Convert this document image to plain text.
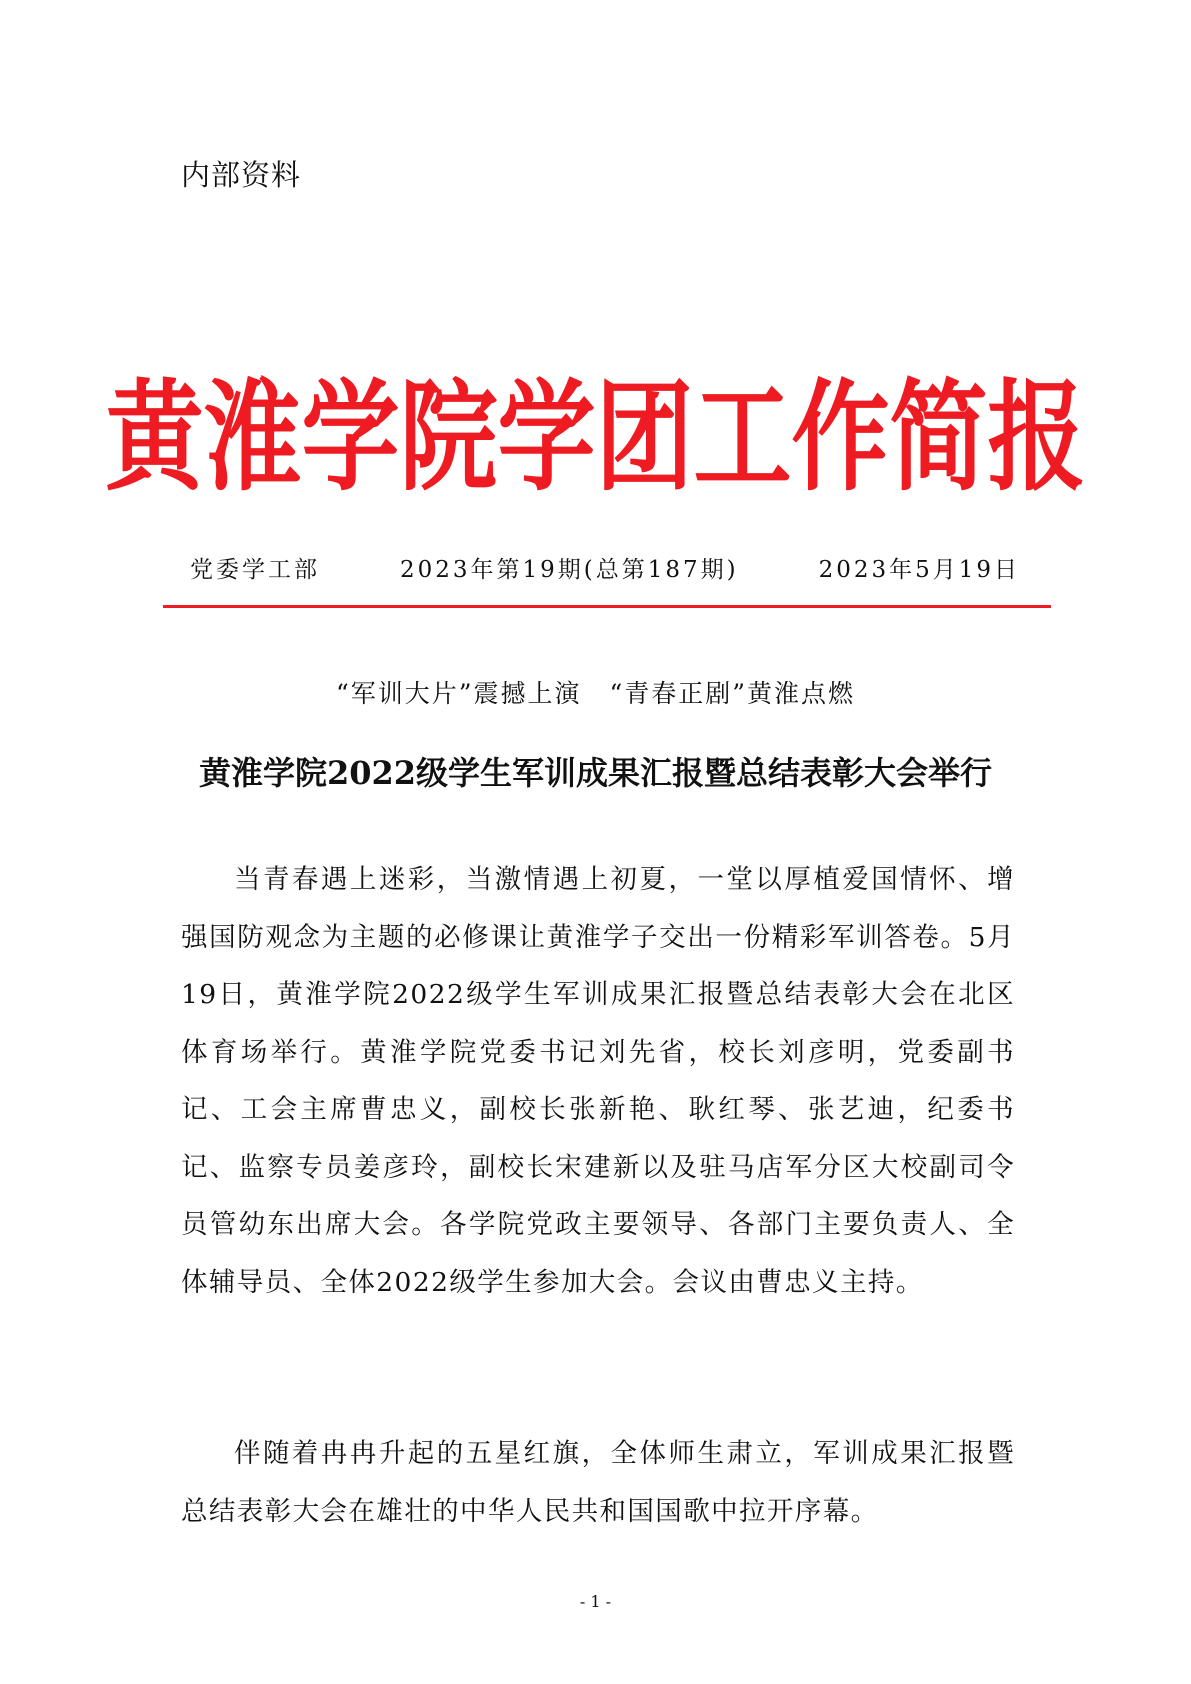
内部资料
黄淮学院学团工作简报
党委学工部	2023年第19期(总第187期)	2023年5月19日
“军训大片”震撼上演 “青春正剧”黄淮点燃
黄淮学院2022级学生军训成果汇报暨总结表彰大会举行

当青春遇上迷彩，当激情遇上初夏，一堂以厚植爱国情怀、增强国防观念为主题的必修课让黄淮学子交出一份精彩军训答卷。5月19日，黄淮学院2022级学生军训成果汇报暨总结表彰大会在北区体育场举行。黄淮学院党委书记刘先省，校长刘彦明，党委副书记、工会主席曹忠义，副校长张新艳、耿红琴、张艺迪，纪委书记、监察专员姜彦玲，副校长宋建新以及驻马店军分区大校副司令员管幼东出席大会。各学院党政主要领导、各部门主要负责人、全体辅导员、全体2022级学生参加大会。会议由曹忠义主持。

伴随着冉冉升起的五星红旗，全体师生肃立，军训成果汇报暨总结表彰大会在雄壮的中华人民共和国国歌中拉开序幕。

- 1 -
